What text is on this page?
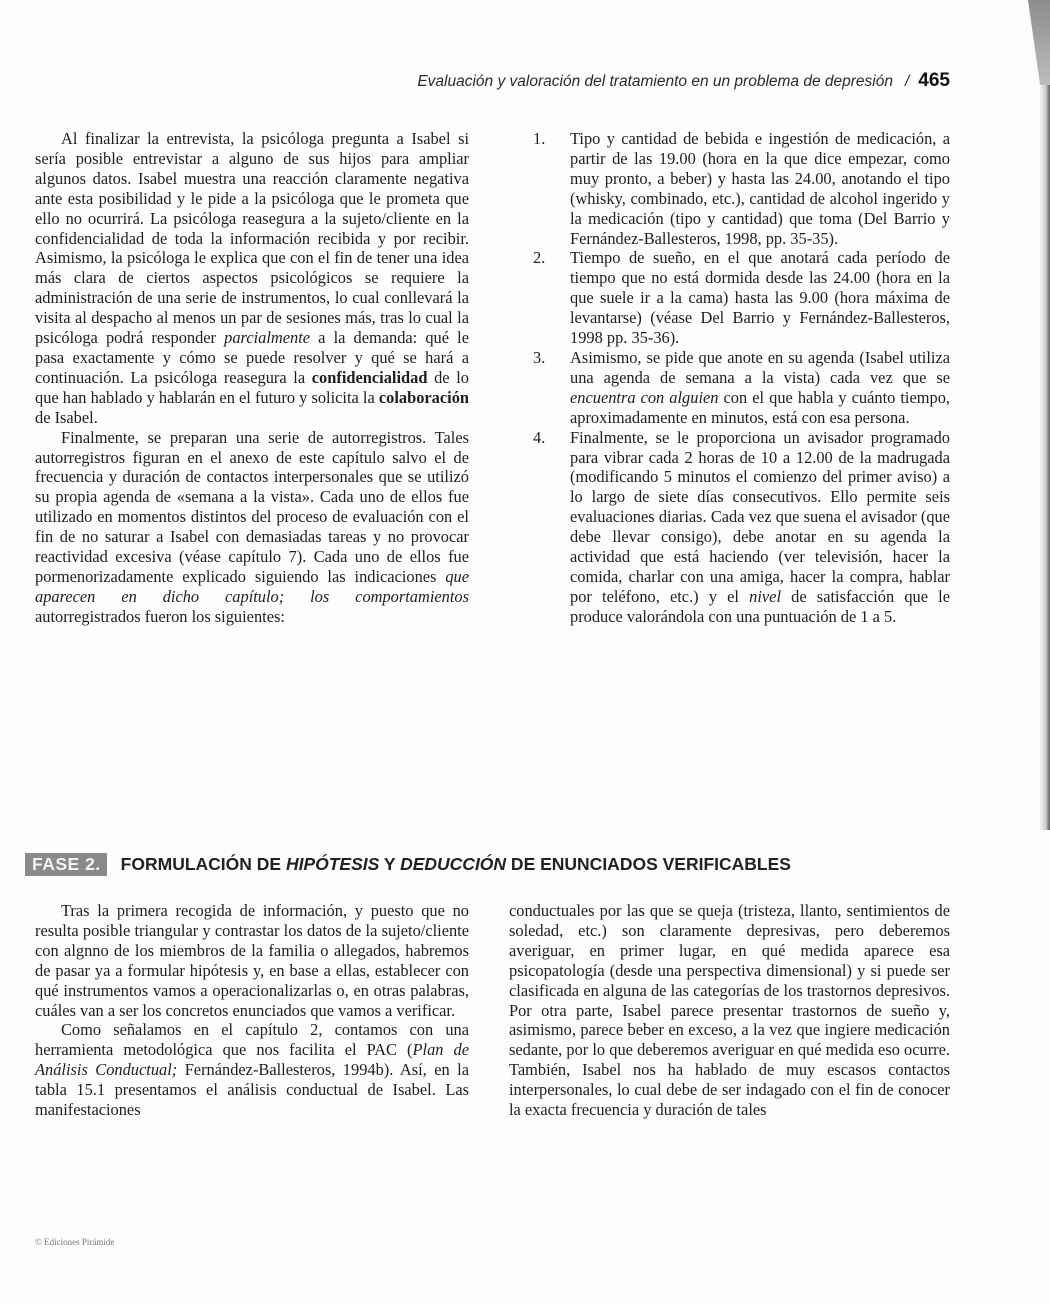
Evaluación y valoración del tratamiento en un problema de depresión / 465

Al finalizar la entrevista, la psicóloga pregunta a Isabel si sería posible entrevistar a alguno de sus hijos para ampliar algunos datos. Isabel muestra una reacción claramente negativa ante esta posibilidad y le pide a la psicóloga que le prometa que ello no ocurrirá. La psicóloga reasegura a la sujeto/cliente en la confidencialidad de toda la información recibida y por recibir. Asimismo, la psicóloga le explica que con el fin de tener una idea más clara de ciertos aspectos psicológicos se requiere la administración de una serie de instrumentos, lo cual conllevará la visita al despacho al menos un par de sesiones más, tras lo cual la psicóloga podrá responder parcialmente a la demanda: qué le pasa exactamente y cómo se puede resolver y qué se hará a continuación. La psicóloga reasegura la confidencialidad de lo que han hablado y hablarán en el futuro y solicita la colaboración de Isabel.

Finalmente, se preparan una serie de autorregistros. Tales autorregistros figuran en el anexo de este capítulo salvo el de frecuencia y duración de contactos interpersonales que se utilizó su propia agenda de «semana a la vista». Cada uno de ellos fue utilizado en momentos distintos del proceso de evaluación con el fin de no saturar a Isabel con demasiadas tareas y no provocar reactividad excesiva (véase capítulo 7). Cada uno de ellos fue pormenorizadamente explicado siguiendo las indicaciones que aparecen en dicho capítulo; los comportamientos autorregistrados fueron los siguientes:

1. Tipo y cantidad de bebida e ingestión de medicación, a partir de las 19.00 (hora en la que dice empezar, como muy pronto, a beber) y hasta las 24.00, anotando el tipo (whisky, combinado, etc.), cantidad de alcohol ingerido y la medicación (tipo y cantidad) que toma (Del Barrio y Fernández-Ballesteros, 1998, pp. 35-35).
2. Tiempo de sueño, en el que anotará cada período de tiempo que no está dormida desde las 24.00 (hora en la que suele ir a la cama) hasta las 9.00 (hora máxima de levantarse) (véase Del Barrio y Fernández-Ballesteros, 1998 pp. 35-36).
3. Asimismo, se pide que anote en su agenda (Isabel utiliza una agenda de semana a la vista) cada vez que se encuentra con alguien con el que habla y cuánto tiempo, aproximadamente en minutos, está con esa persona.
4. Finalmente, se le proporciona un avisador programado para vibrar cada 2 horas de 10 a 12.00 de la madrugada (modificando 5 minutos el comienzo del primer aviso) a lo largo de siete días consecutivos. Ello permite seis evaluaciones diarias. Cada vez que suena el avisador (que debe llevar consigo), debe anotar en su agenda la actividad que está haciendo (ver televisión, hacer la comida, charlar con una amiga, hacer la compra, hablar por teléfono, etc.) y el nivel de satisfacción que le produce valorándola con una puntuación de 1 a 5.
FASE 2.	FORMULACIÓN DE HIPÓTESIS Y DEDUCCIÓN DE ENUNCIADOS VERIFICABLES

Tras la primera recogida de información, y puesto que no resulta posible triangular y contrastar los datos de la sujeto/cliente con algnno de los miembros de la familia o allegados, habremos de pasar ya a formular hipótesis y, en base a ellas, establecer con qué instrumentos vamos a operacionalizarlas o, en otras palabras, cuáles van a ser los concretos enunciados que vamos a verificar.

Como señalamos en el capítulo 2, contamos con una herramienta metodológica que nos facilita el PAC (Plan de Análisis Conductual; Fernández-Ballesteros, 1994b). Así, en la tabla 15.1 presentamos el análisis conductual de Isabel. Las manifestaciones

conductuales por las que se queja (tristeza, llanto, sentimientos de soledad, etc.) son claramente depresivas, pero deberemos averiguar, en primer lugar, en qué medida aparece esa psicopatología (desde una perspectiva dimensional) y si puede ser clasificada en alguna de las categorías de los trastornos depresivos. Por otra parte, Isabel parece presentar trastornos de sueño y, asimismo, parece beber en exceso, a la vez que ingiere medicación sedante, por lo que deberemos averiguar en qué medida eso ocurre. También, Isabel nos ha hablado de muy escasos contactos interpersonales, lo cual debe de ser indagado con el fin de conocer la exacta frecuencia y duración de tales

© Ediciones Pirámide
